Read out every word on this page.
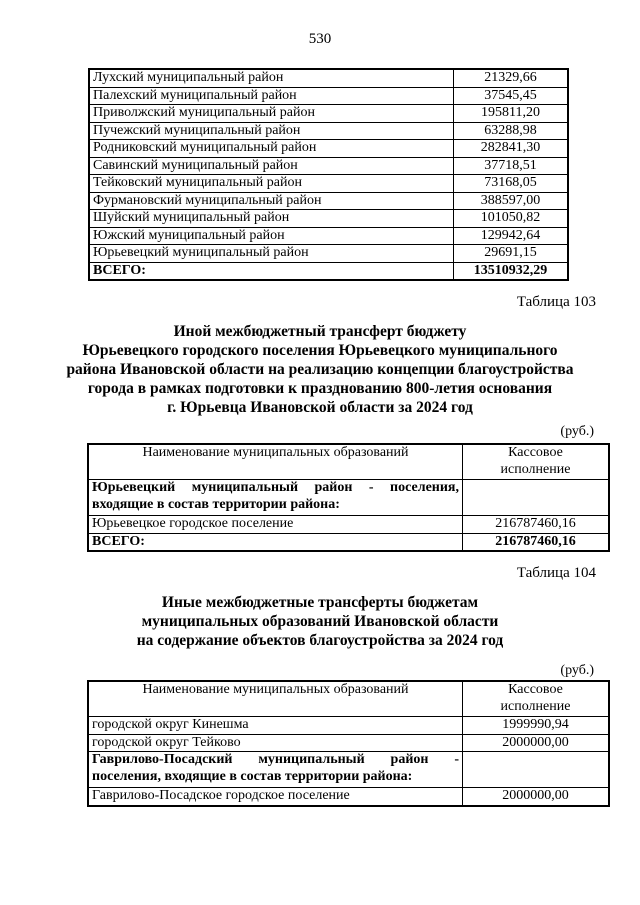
530
Лухский муниципальный район	21329,66
Палехский муниципальный район	37545,45
Приволжский муниципальный район	195811,20
Пучежский муниципальный район	63288,98
Родниковский муниципальный район	282841,30
Савинский муниципальный район	37718,51
Тейковский муниципальный район	73168,05
Фурмановский муниципальный район	388597,00
Шуйский муниципальный район	101050,82
Южский муниципальный район	129942,64
Юрьевецкий муниципальный район	29691,15
ВСЕГО:	13510932,29
Таблица 103
Иной межбюджетный трансферт бюджету
Юрьевецкого городского поселения Юрьевецкого муниципального
района Ивановской области на реализацию концепции благоустройства
города в рамках подготовки к празднованию 800-летия основания
г. Юрьевца Ивановской области за 2024 год
(руб.)
Наименование муниципальных образований	Кассовое
исполнение

Юрьевецкий муниципальный район - поселения,
входящие в состав территории района:	

Юрьевецкое городское поселение	216787460,16
ВСЕГО:	216787460,16
Таблица 104
Иные межбюджетные трансферты бюджетам
муниципальных образований Ивановской области
на содержание объектов благоустройства за 2024 год
(руб.)
Наименование муниципальных образований	Кассовое
исполнение

городской округ Кинешма	1999990,94
городской округ Тейково	2000000,00

Гаврилово-Посадский муниципальный район -
поселения, входящие в состав территории района:	

Гаврилово-Посадское городское поселение	2000000,00
